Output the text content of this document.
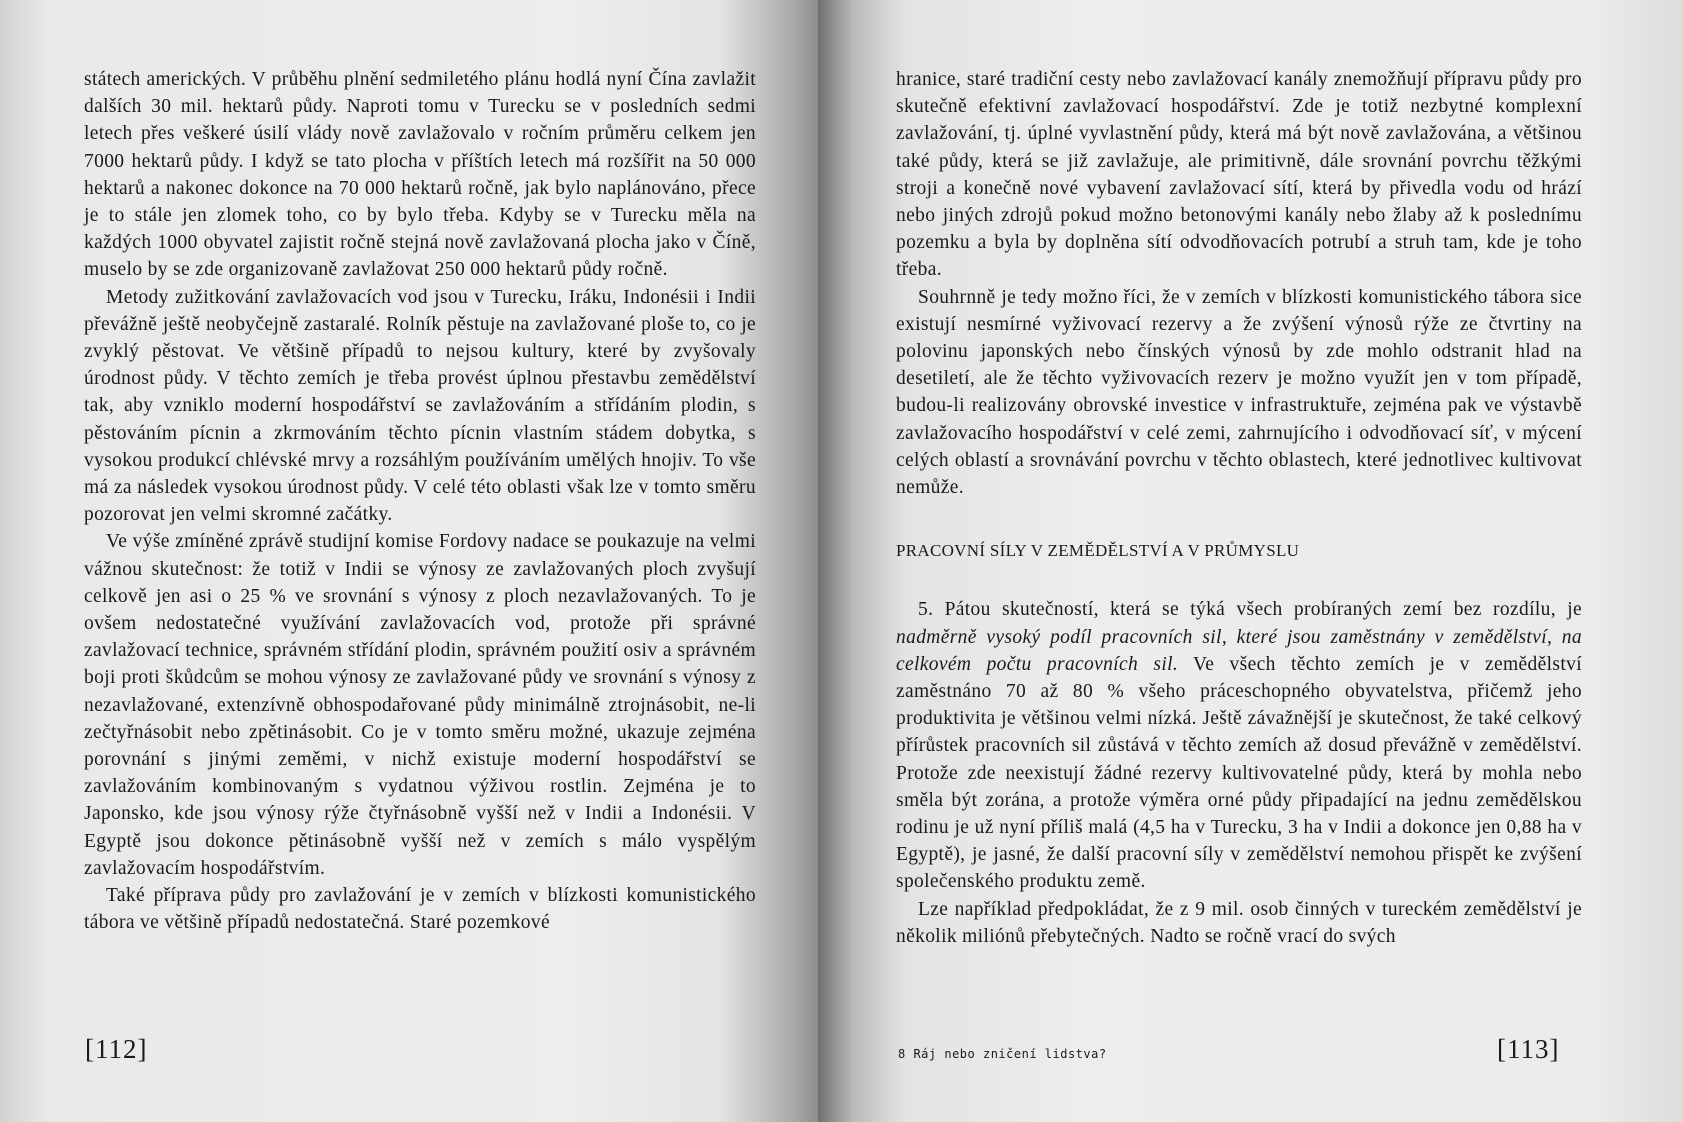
státech amerických. V průběhu plnění sedmiletého plánu hodlá nyní Čína zavlažit dalších 30 mil. hektarů půdy. Naproti tomu v Turecku se v posledních sedmi letech přes veškeré úsilí vlády nově zavlažovalo v ročním průměru celkem jen 7000 hektarů půdy. I když se tato plocha v příštích letech má rozšířit na 50 000 hektarů a nakonec dokonce na 70 000 hektarů ročně, jak bylo naplánováno, přece je to stále jen zlomek toho, co by bylo třeba. Kdyby se v Turecku měla na každých 1000 obyvatel zajistit ročně stejná nově zavlažovaná plocha jako v Číně, muselo by se zde organizovaně zavlažovat 250 000 hektarů půdy ročně.

Metody zužitkování zavlažovacích vod jsou v Turecku, Iráku, Indonésii i Indii převážně ještě neobyčejně zastaralé. Rolník pěstuje na zavlažované ploše to, co je zvyklý pěstovat. Ve většině případů to nejsou kultury, které by zvyšovaly úrodnost půdy. V těchto zemích je třeba provést úplnou přestavbu zemědělství tak, aby vzniklo moderní hospodářství se zavlažováním a střídáním plodin, s pěstováním pícnin a zkrmováním těchto pícnin vlastním stádem dobytka, s vysokou produkcí chlévské mrvy a rozsáhlým používáním umělých hnojiv. To vše má za následek vysokou úrodnost půdy. V celé této oblasti však lze v tomto směru pozorovat jen velmi skromné začátky.

Ve výše zmíněné zprávě studijní komise Fordovy nadace se poukazuje na velmi vážnou skutečnost: že totiž v Indii se výnosy ze zavlažovaných ploch zvyšují celkově jen asi o 25 % ve srovnání s výnosy z ploch nezavlažovaných. To je ovšem nedostatečné využívání zavlažovacích vod, protože při správné zavlažovací technice, správném střídání plodin, správném použití osiv a správném boji proti škůdcům se mohou výnosy ze zavlažované půdy ve srovnání s výnosy z nezavlažované, extenzívně obhospodařované půdy minimálně ztrojnásobit, ne-li zečtyřnásobit nebo zpětinásobit. Co je v tomto směru možné, ukazuje zejména porovnání s jinými zeměmi, v nichž existuje moderní hospodářství se zavlažováním kombinovaným s vydatnou výživou rostlin. Zejména je to Japonsko, kde jsou výnosy rýže čtyřnásobně vyšší než v Indii a Indonésii. V Egyptě jsou dokonce pětinásobně vyšší než v zemích s málo vyspělým zavlažovacím hospodářstvím.

Také příprava půdy pro zavlažování je v zemích v blízkosti komunistického tábora ve většině případů nedostatečná. Staré pozemkové

[112]

hranice, staré tradiční cesty nebo zavlažovací kanály znemožňují přípravu půdy pro skutečně efektivní zavlažovací hospodářství. Zde je totiž nezbytné komplexní zavlažování, tj. úplné vyvlastnění půdy, která má být nově zavlažována, a většinou také půdy, která se již zavlažuje, ale primitivně, dále srovnání povrchu těžkými stroji a konečně nové vybavení zavlažovací sítí, která by přivedla vodu od hrází nebo jiných zdrojů pokud možno betonovými kanály nebo žlaby až k poslednímu pozemku a byla by doplněna sítí odvodňovacích potrubí a struh tam, kde je toho třeba.

Souhrnně je tedy možno říci, že v zemích v blízkosti komunistického tábora sice existují nesmírné vyživovací rezervy a že zvýšení výnosů rýže ze čtvrtiny na polovinu japonských nebo čínských výnosů by zde mohlo odstranit hlad na desetiletí, ale že těchto vyživovacích rezerv je možno využít jen v tom případě, budou-li realizovány obrovské investice v infrastruktuře, zejména pak ve výstavbě zavlažovacího hospodářství v celé zemi, zahrnujícího i odvodňovací síť, v mýcení celých oblastí a srovnávání povrchu v těchto oblastech, které jednotlivec kultivovat nemůže.

PRACOVNÍ SÍLY V ZEMĚDĚLSTVÍ A V PRŮMYSLU

5. Pátou skutečností, která se týká všech probíraných zemí bez rozdílu, je nadměrně vysoký podíl pracovních sil, které jsou zaměstnány v zemědělství, na celkovém počtu pracovních sil. Ve všech těchto zemích je v zemědělství zaměstnáno 70 až 80 % všeho práceschopného obyvatelstva, přičemž jeho produktivita je většinou velmi nízká. Ještě závažnější je skutečnost, že také celkový přírůstek pracovních sil zůstává v těchto zemích až dosud převážně v zemědělství. Protože zde neexistují žádné rezervy kultivovatelné půdy, která by mohla nebo směla být zorána, a protože výměra orné půdy připadající na jednu zemědělskou rodinu je už nyní příliš malá (4,5 ha v Turecku, 3 ha v Indii a dokonce jen 0,88 ha v Egyptě), je jasné, že další pracovní síly v zemědělství nemohou přispět ke zvýšení společenského produktu země.

Lze například předpokládat, že z 9 mil. osob činných v tureckém zemědělství je několik miliónů přebytečných. Nadto se ročně vrací do svých

8 Ráj nebo zničení lidstva?	[113]
